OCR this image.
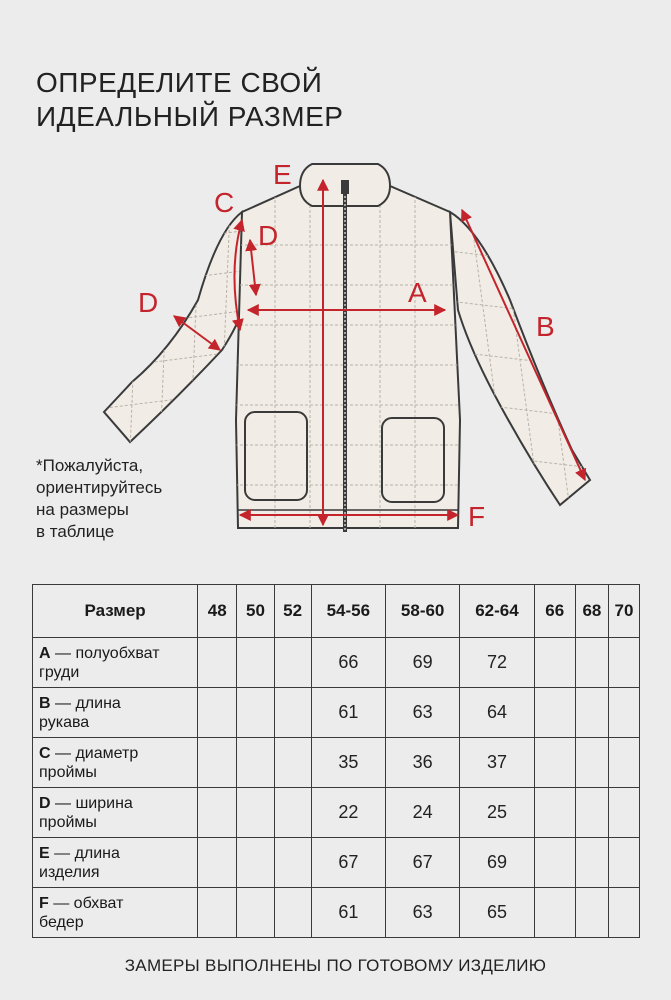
ОПРЕДЕЛИТЕ СВОЙ
ИДЕАЛЬНЫЙ РАЗМЕР
*Пожалуйста,
ориентируйтесь
на размеры
в таблице
E
C
D
D	A
B
F
Размер	48	50	52	54-56	58-60	62-64	66	68	70
A — полуобхват
груди				66	69	72			
B — длина
рукава				61	63	64			
C — диаметр
проймы				35	36	37			
D — ширина
проймы				22	24	25			
E — длина
изделия				67	67	69			
F — обхват
бедер				61	63	65			
ЗАМЕРЫ ВЫПОЛНЕНЫ ПО ГОТОВОМУ ИЗДЕЛИЮ
